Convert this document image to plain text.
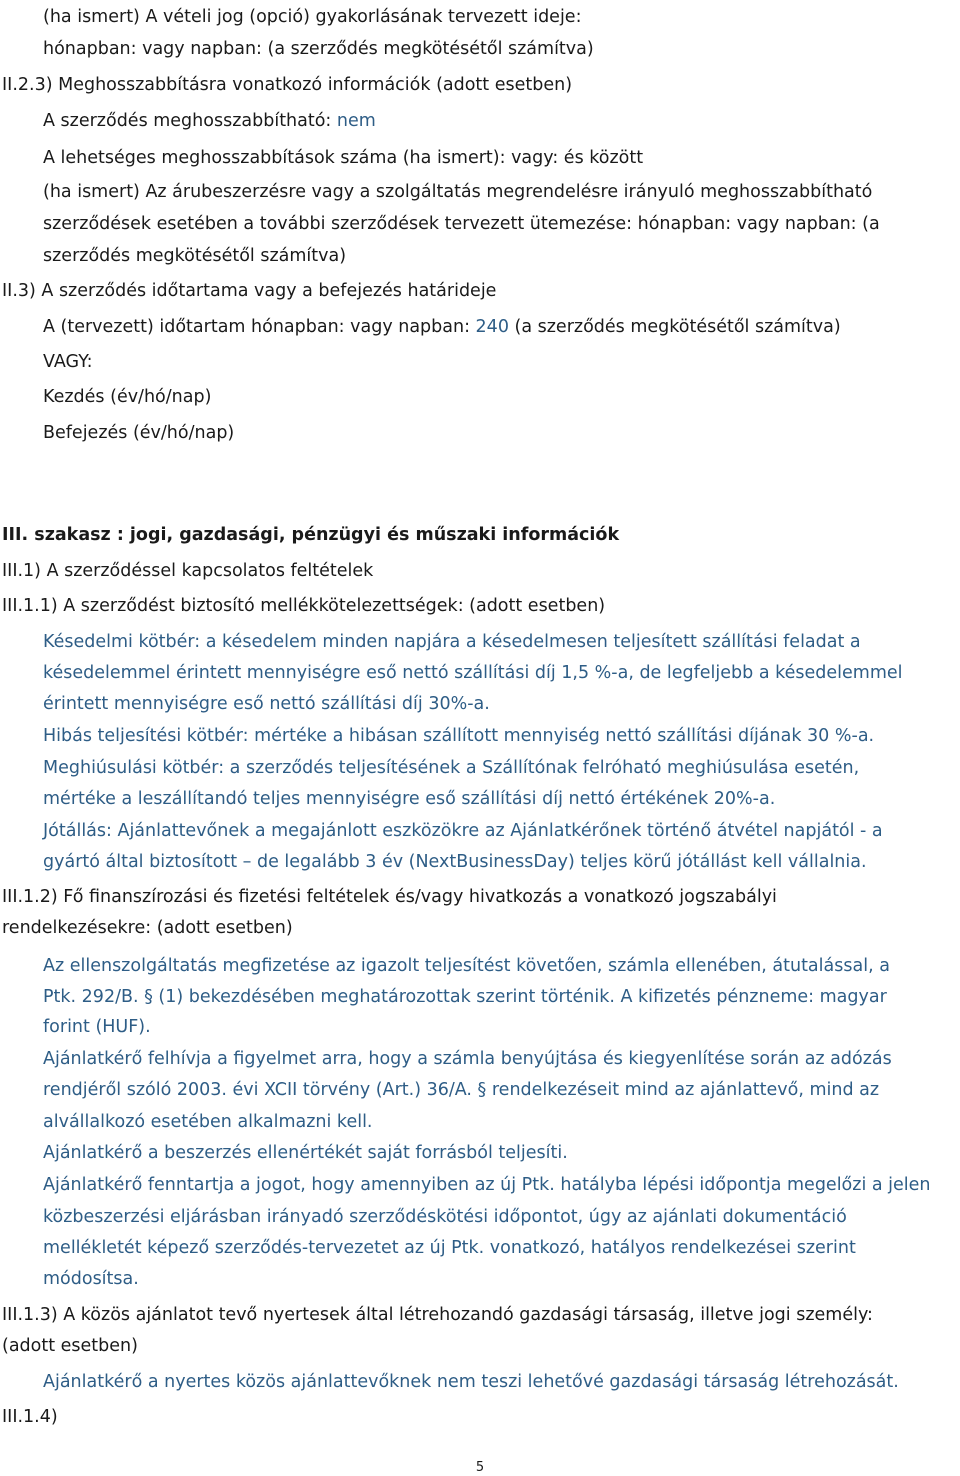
(ha ismert) A vételi jog (opció) gyakorlásának tervezett ideje:
hónapban: vagy napban: (a szerződés megkötésétől számítva)
II.2.3) Meghosszabbításra vonatkozó információk (adott esetben)
A szerződés meghosszabbítható: nem
A lehetséges meghosszabbítások száma (ha ismert): vagy: és között
(ha ismert) Az árubeszerzésre vagy a szolgáltatás megrendelésre irányuló meghosszabbítható
szerződések esetében a további szerződések tervezett ütemezése: hónapban: vagy napban: (a
szerződés megkötésétől számítva)
II.3) A szerződés időtartama vagy a befejezés határideje
A (tervezett) időtartam hónapban: vagy napban: 240 (a szerződés megkötésétől számítva)
VAGY:
Kezdés (év/hó/nap)
Befejezés (év/hó/nap)
III. szakasz : jogi, gazdasági, pénzügyi és műszaki információk
III.1) A szerződéssel kapcsolatos feltételek
III.1.1) A szerződést biztosító mellékkötelezettségek: (adott esetben)
Késedelmi kötbér: a késedelem minden napjára a késedelmesen teljesített szállítási feladat a
késedelemmel érintett mennyiségre eső nettó szállítási díj 1,5 %-a, de legfeljebb a késedelemmel
érintett mennyiségre eső nettó szállítási díj 30%-a.
Hibás teljesítési kötbér: mértéke a hibásan szállított mennyiség nettó szállítási díjának 30 %-a.
Meghiúsulási kötbér: a szerződés teljesítésének a Szállítónak felróható meghiúsulása esetén,
mértéke a leszállítandó teljes mennyiségre eső szállítási díj nettó értékének 20%-a.
Jótállás: Ajánlattevőnek a megajánlott eszközökre az Ajánlatkérőnek történő átvétel napjától - a
gyártó által biztosított – de legalább 3 év (NextBusinessDay) teljes körű jótállást kell vállalnia.
III.1.2) Fő finanszírozási és fizetési feltételek és/vagy hivatkozás a vonatkozó jogszabályi
rendelkezésekre: (adott esetben)
Az ellenszolgáltatás megfizetése az igazolt teljesítést követően, számla ellenében, átutalással, a
Ptk. 292/B. § (1) bekezdésében meghatározottak szerint történik. A kifizetés pénzneme: magyar
forint (HUF).
Ajánlatkérő felhívja a figyelmet arra, hogy a számla benyújtása és kiegyenlítése során az adózás
rendjéről szóló 2003. évi XCII törvény (Art.) 36/A. § rendelkezéseit mind az ajánlattevő, mind az
alvállalkozó esetében alkalmazni kell.
Ajánlatkérő a beszerzés ellenértékét saját forrásból teljesíti.
Ajánlatkérő fenntartja a jogot, hogy amennyiben az új Ptk. hatályba lépési időpontja megelőzi a jelen
közbeszerzési eljárásban irányadó szerződéskötési időpontot, úgy az ajánlati dokumentáció
mellékletét képező szerződés-tervezetet az új Ptk. vonatkozó, hatályos rendelkezései szerint
módosítsa.
III.1.3) A közös ajánlatot tevő nyertesek által létrehozandó gazdasági társaság, illetve jogi személy:
(adott esetben)
Ajánlatkérő a nyertes közös ajánlattevőknek nem teszi lehetővé gazdasági társaság létrehozását.
III.1.4)
5
